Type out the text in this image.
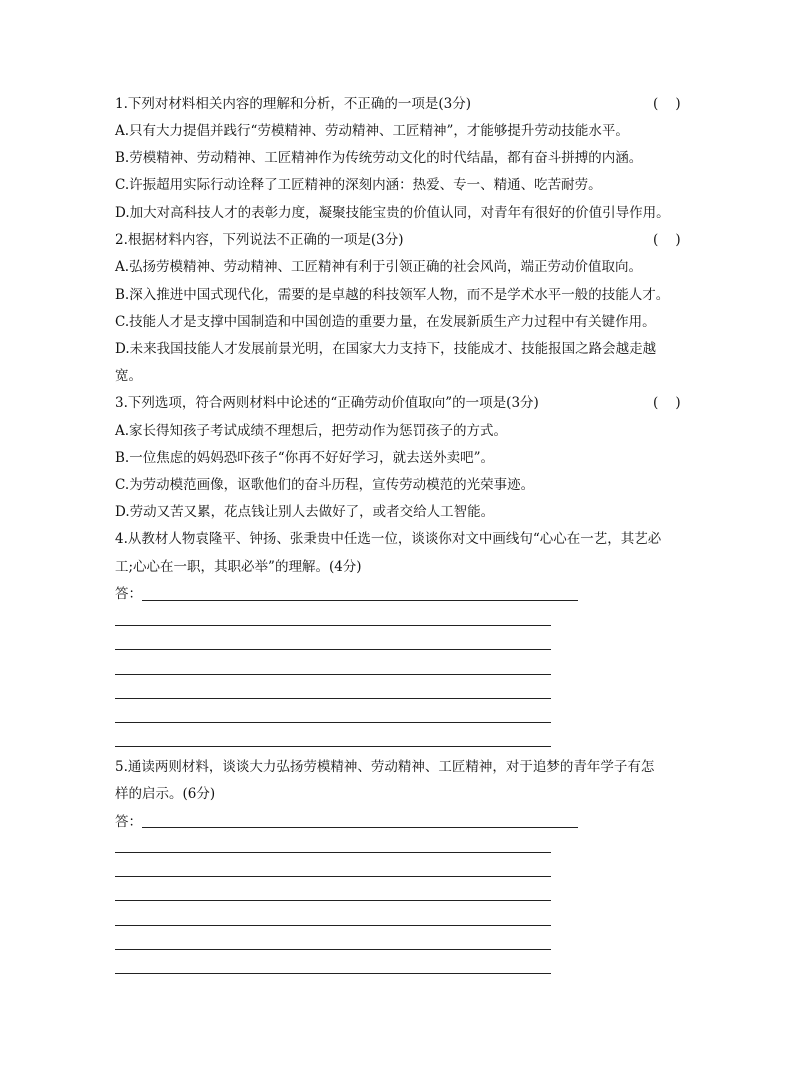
1.下列对材料相关内容的理解和分析，不正确的一项是(3分)	(    )
A.只有大力提倡并践行“劳模精神、劳动精神、工匠精神”，才能够提升劳动技能水平。
B.劳模精神、劳动精神、工匠精神作为传统劳动文化的时代结晶，都有奋斗拼搏的内涵。
C.许振超用实际行动诠释了工匠精神的深刻内涵：热爱、专一、精通、吃苦耐劳。
D.加大对高科技人才的表彰力度，凝聚技能宝贵的价值认同，对青年有很好的价值引导作用。
2.根据材料内容，下列说法不正确的一项是(3分)	(    )
A.弘扬劳模精神、劳动精神、工匠精神有利于引领正确的社会风尚，端正劳动价值取向。
B.深入推进中国式现代化，需要的是卓越的科技领军人物，而不是学术水平一般的技能人才。
C.技能人才是支撑中国制造和中国创造的重要力量，在发展新质生产力过程中有关键作用。
D.未来我国技能人才发展前景光明，在国家大力支持下，技能成才、技能报国之路会越走越
宽。
3.下列选项，符合两则材料中论述的“正确劳动价值取向”的一项是(3分)	(    )
A.家长得知孩子考试成绩不理想后，把劳动作为惩罚孩子的方式。
B.一位焦虑的妈妈恐吓孩子“你再不好好学习，就去送外卖吧”。
C.为劳动模范画像，讴歌他们的奋斗历程，宣传劳动模范的光荣事迹。
D.劳动又苦又累，花点钱让别人去做好了，或者交给人工智能。
4.从教材人物袁隆平、钟扬、张秉贵中任选一位，谈谈你对文中画线句“心心在一艺，其艺必
工;心心在一职，其职必举”的理解。(4分)
答：
5.通读两则材料，谈谈大力弘扬劳模精神、劳动精神、工匠精神，对于追梦的青年学子有怎
样的启示。(6分)
答：
